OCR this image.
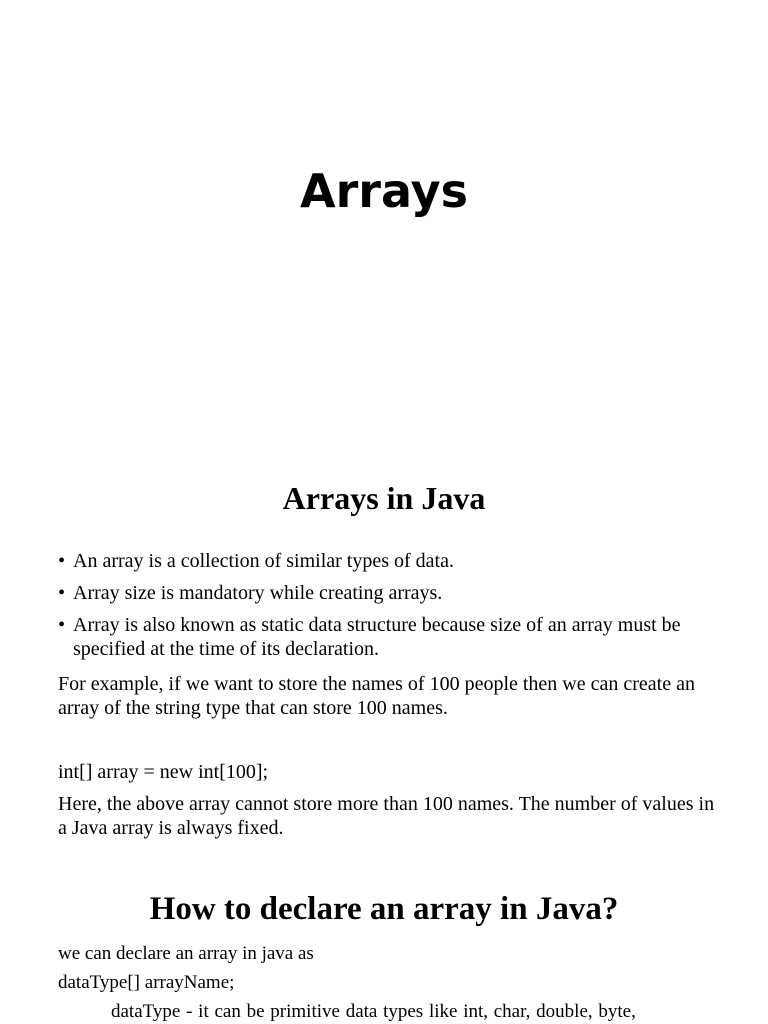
Arrays
Arrays in Java
• An array is a collection of similar types of data.
• Array size is mandatory while creating arrays.
• Array is also known as static data structure because size of an array must be specified at the time of its declaration.

For example, if we want to store the names of 100 people then we can create an array of the string type that can store 100 names.

int[] array = new int[100];

Here, the above array cannot store more than 100 names. The number of values in a Java array is always fixed.

How to declare an array in Java?

we can declare an array in java as

dataType[] arrayName;

dataType - it can be primitive data types like int, char, double, byte,
